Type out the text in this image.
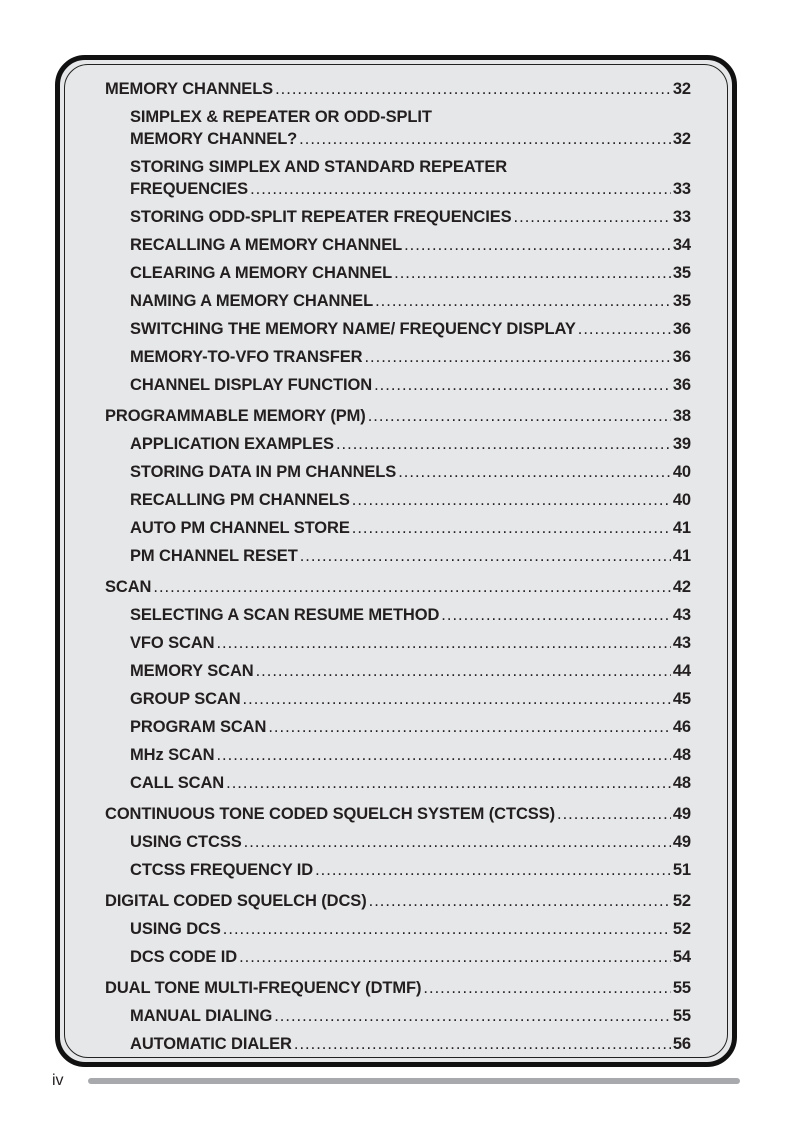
MEMORY CHANNELS .....	32
SIMPLEX & REPEATER OR ODD-SPLIT
MEMORY CHANNEL? .....	32
STORING SIMPLEX AND STANDARD REPEATER
FREQUENCIES .....	33
STORING ODD-SPLIT REPEATER FREQUENCIES .....	33
RECALLING A MEMORY CHANNEL .....	34
CLEARING A MEMORY CHANNEL .....	35
NAMING A MEMORY CHANNEL .....	35
SWITCHING THE MEMORY NAME/ FREQUENCY DISPLAY .....	36
MEMORY-TO-VFO TRANSFER .....	36
CHANNEL DISPLAY FUNCTION .....	36
PROGRAMMABLE MEMORY (PM) .....	38
APPLICATION EXAMPLES .....	39
STORING DATA IN PM CHANNELS .....	40
RECALLING PM CHANNELS .....	40
AUTO PM CHANNEL STORE .....	41
PM CHANNEL RESET .....	41
SCAN .....	42
SELECTING A SCAN RESUME METHOD .....	43
VFO SCAN .....	43
MEMORY SCAN .....	44
GROUP SCAN .....	45
PROGRAM SCAN .....	46
MHz SCAN .....	48
CALL SCAN .....	48
CONTINUOUS TONE CODED SQUELCH SYSTEM (CTCSS) .....	49
USING CTCSS .....	49
CTCSS FREQUENCY ID .....	51
DIGITAL CODED SQUELCH (DCS) .....	52
USING DCS .....	52
DCS CODE ID .....	54
DUAL TONE MULTI-FREQUENCY (DTMF) .....	55
MANUAL DIALING .....	55
AUTOMATIC DIALER .....	56
iv
